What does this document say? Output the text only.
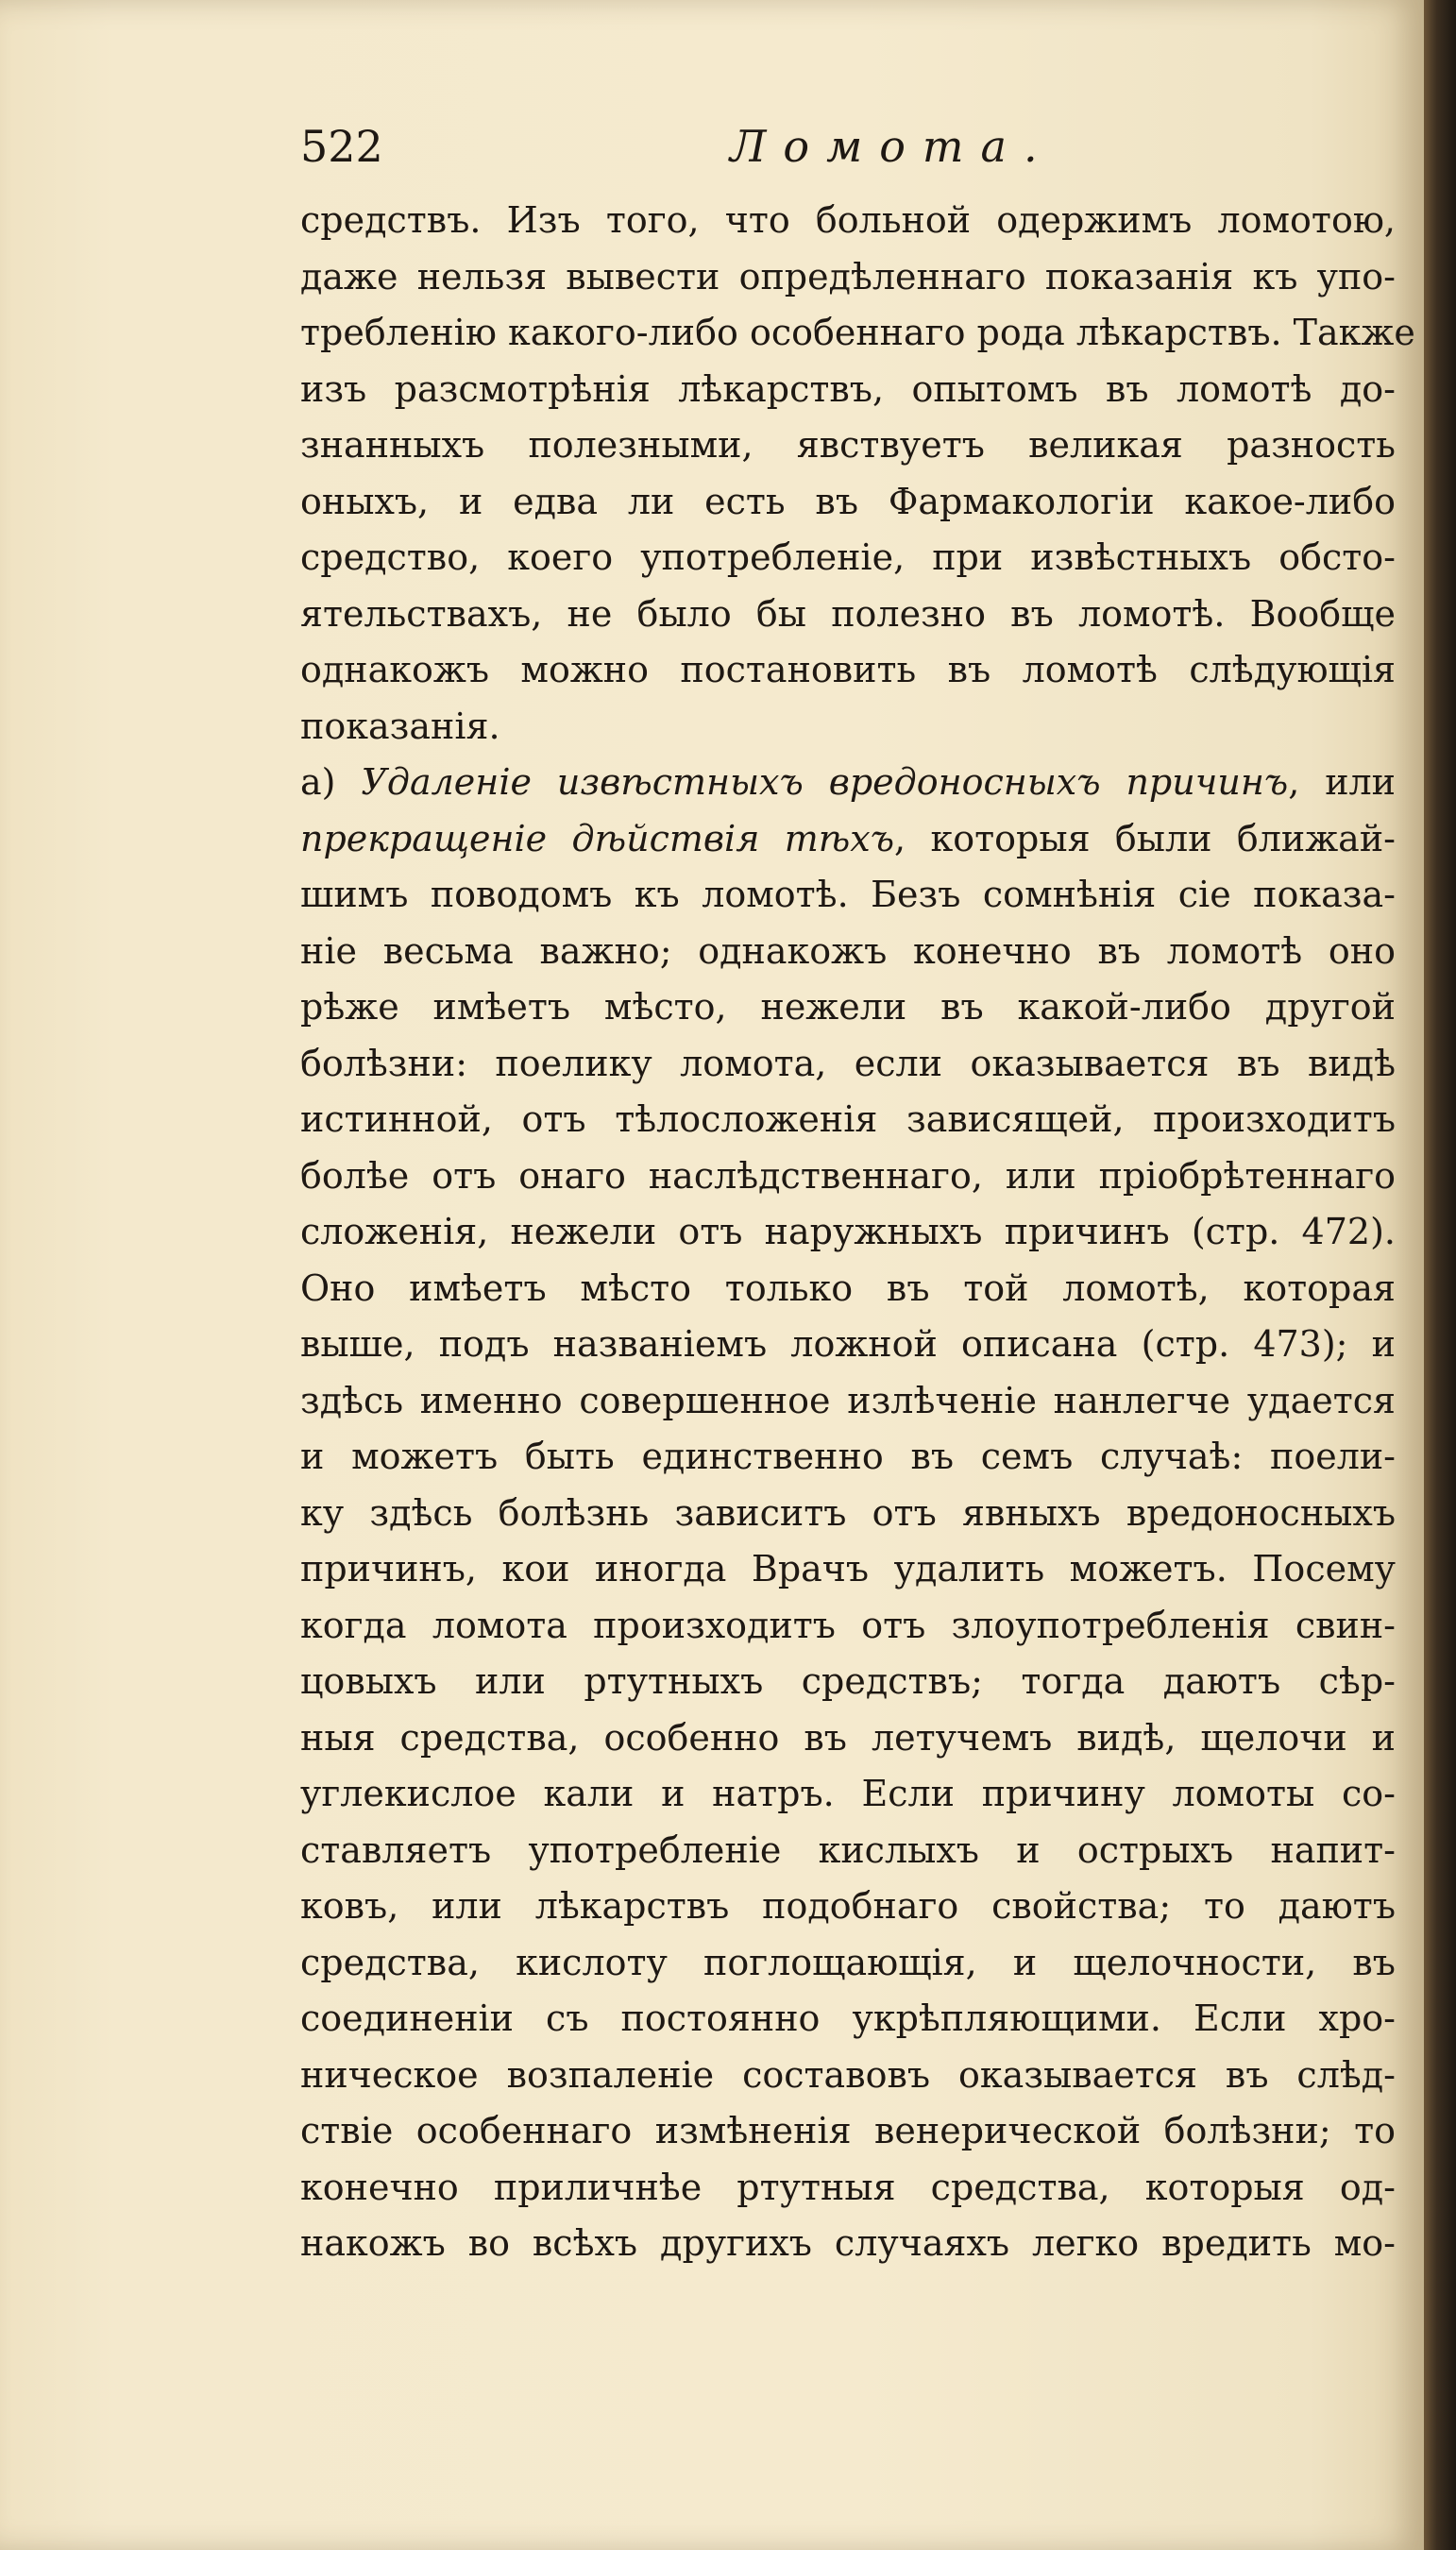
522	Ломота.
средствъ. Изъ того, что больной одержимъ ломотою,
даже нельзя вывести опредѣленнаго показанія къ упо-
требленію какого-либо особеннаго рода лѣкарствъ. Также
изъ разсмотрѣнія лѣкарствъ, опытомъ въ ломотѣ до-
знанныхъ полезными, явствуетъ великая разность
оныхъ, и едва ли есть въ Фармакологіи какое-либо
средство, коего употребленіе, при извѣстныхъ обсто-
ятельствахъ, не было бы полезно въ ломотѣ. Вообще
однакожъ можно постановить въ ломотѣ слѣдующія
показанія.
а) Удаленіе извѣстныхъ вредоносныхъ причинъ, или
прекращеніе дѣйствія тѣхъ, которыя были ближай-
шимъ поводомъ къ ломотѣ. Безъ сомнѣнія сіе показа-
ніе весьма важно; однакожъ конечно въ ломотѣ оно
рѣже имѣетъ мѣсто, нежели въ какой-либо другой
болѣзни: поелику ломота, если оказывается въ видѣ
истинной, отъ тѣлосложенія зависящей, произходитъ
болѣе отъ онаго наслѣдственнаго, или пріобрѣтеннаго
сложенія, нежели отъ наружныхъ причинъ (стр. 472).
Оно имѣетъ мѣсто только въ той ломотѣ, которая
выше, подъ названіемъ ложной описана (стр. 473); и
здѣсь именно совершенное излѣченіе нанлегче удается
и можетъ быть единственно въ семъ случаѣ: поели-
ку здѣсь болѣзнь зависитъ отъ явныхъ вредоносныхъ
причинъ, кои иногда Врачъ удалить можетъ. Посему
когда ломота произходитъ отъ злоупотребленія свин-
цовыхъ или ртутныхъ средствъ; тогда даютъ сѣр-
ныя средства, особенно въ летучемъ видѣ, щелочи и
углекислое кали и натръ. Если причину ломоты со-
ставляетъ употребленіе кислыхъ и острыхъ напит-
ковъ, или лѣкарствъ подобнаго свойства; то даютъ
средства, кислоту поглощающія, и щелочности, въ
соединеніи съ постоянно укрѣпляющими. Если хро-
ническое возпаленіе составовъ оказывается въ слѣд-
ствіе особеннаго измѣненія венерической болѣзни; то
конечно приличнѣе ртутныя средства, которыя од-
накожъ во всѣхъ другихъ случаяхъ легко вредить мо-
